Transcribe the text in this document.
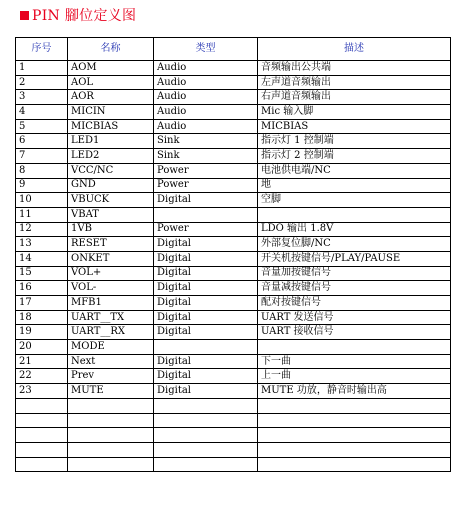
PIN 腳位定义图
序号	名称	类型	描述
1	AOM	Audio	音频输出公共端
2	AOL	Audio	左声道音频输出
3	AOR	Audio	右声道音频输出
4	MICIN	Audio	Mic 输入脚
5	MICBIAS	Audio	MICBIAS
6	LED1	Sink	指示灯 1 控制端
7	LED2	Sink	指示灯 2 控制端
8	VCC/NC	Power	电池供电端/NC
9	GND	Power	地
10	VBUCK	Digital	空脚
11	VBAT		
12	1VB	Power	LDO 输出 1.8V
13	RESET	Digital	外部复位脚/NC
14	ONKET	Digital	开关机按键信号/PLAY/PAUSE
15	VOL+	Digital	音量加按键信号
16	VOL-	Digital	音量减按键信号
17	MFB1	Digital	配对按键信号
18	UART__TX	Digital	UART 发送信号
19	UART__RX	Digital	UART 接收信号
20	MODE		
21	Next	Digital	下一曲
22	Prev	Digital	上一曲
23	MUTE	Digital	MUTE 功放，静音时输出高
